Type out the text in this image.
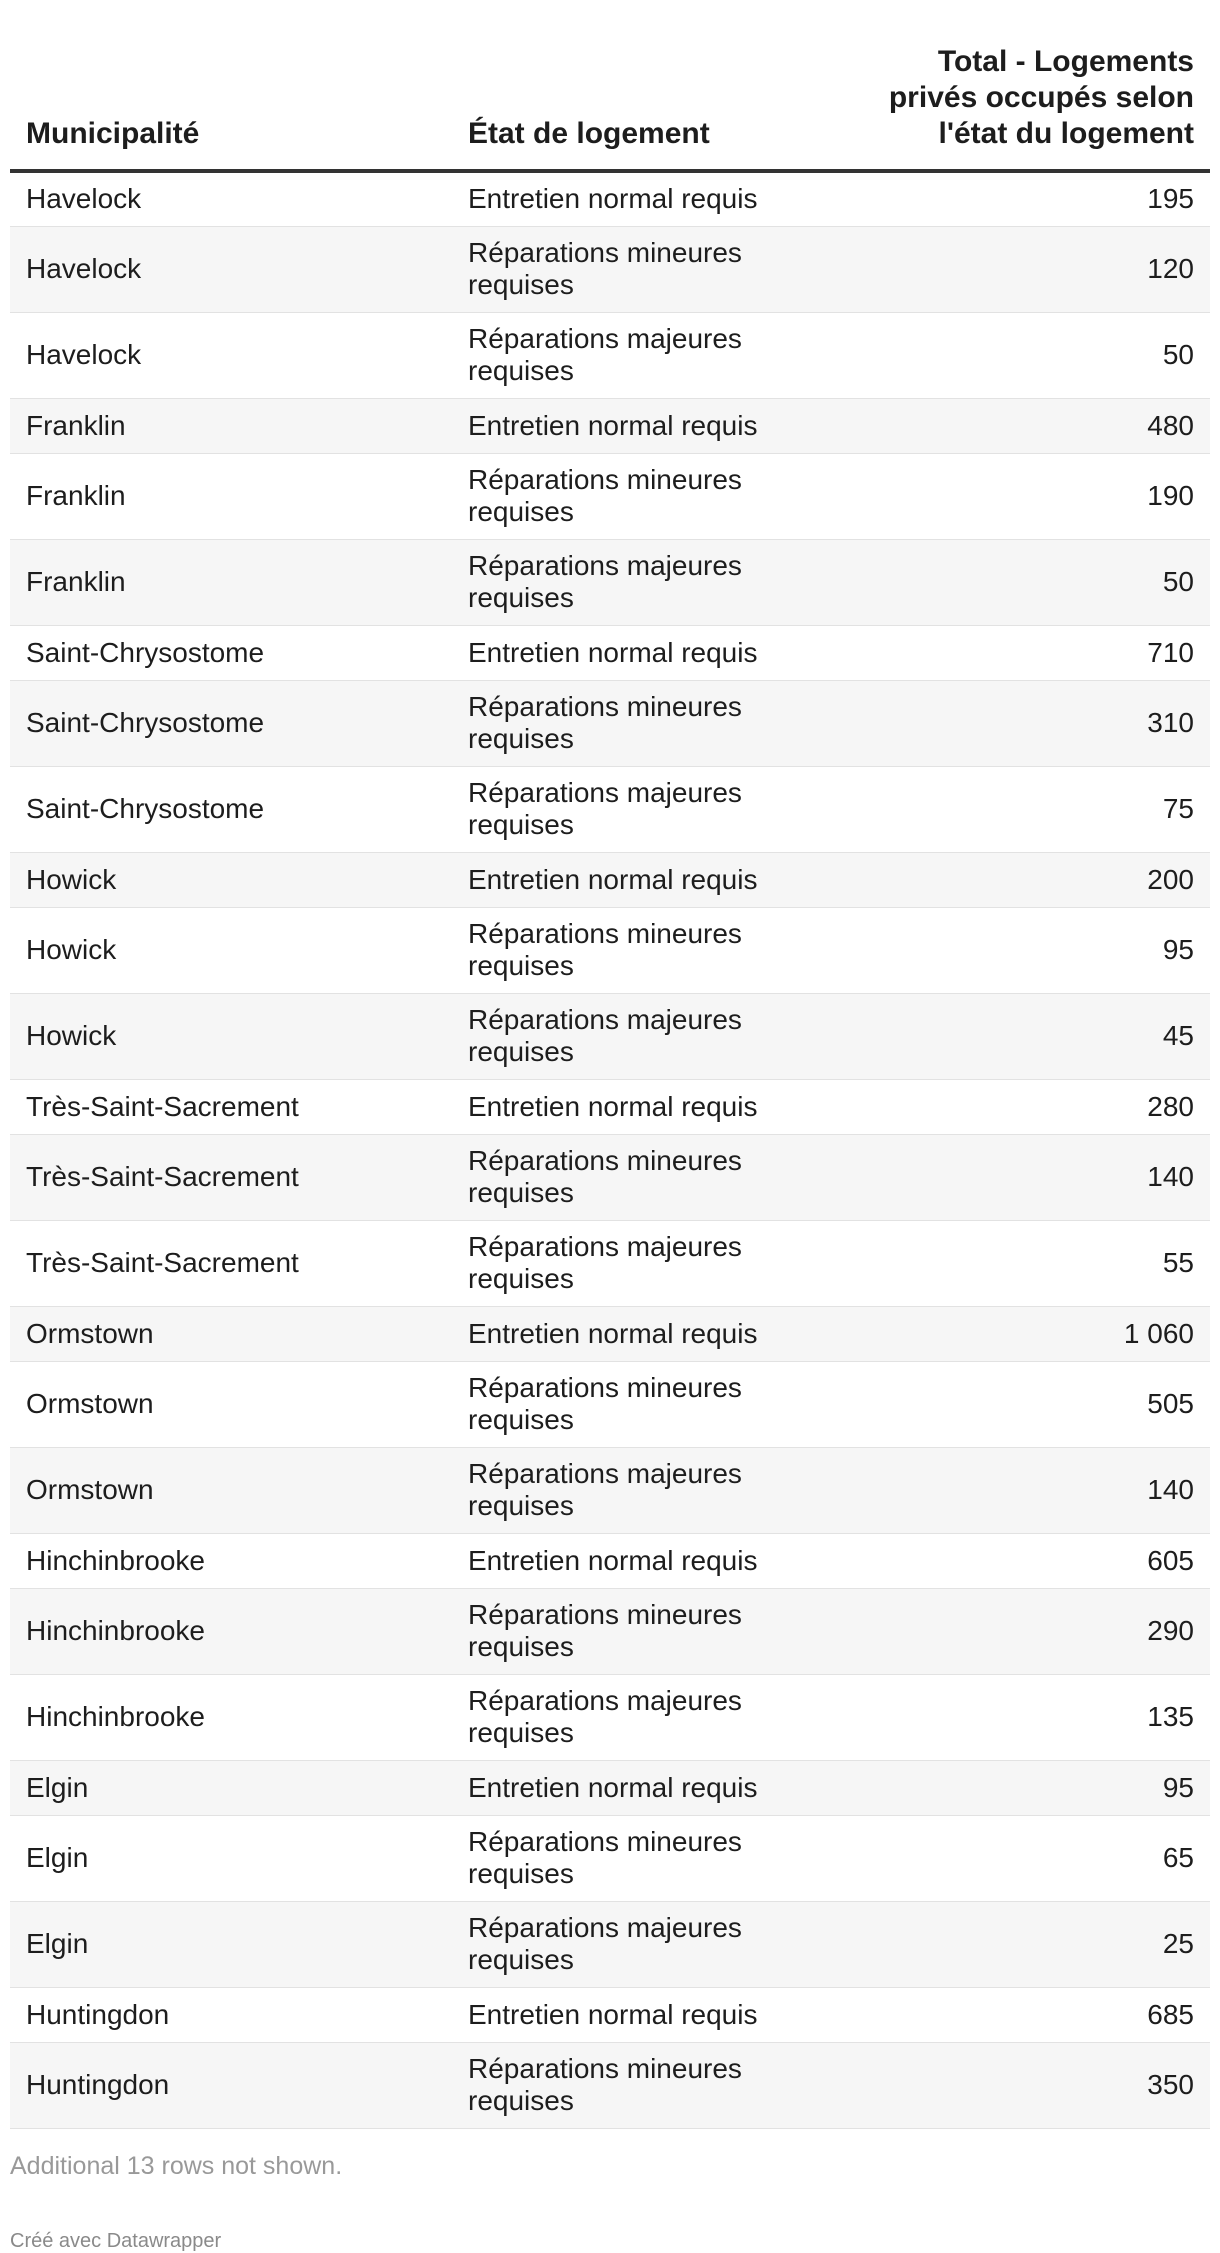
Municipalité	État de logement	Total - Logements
privés occupés selon
l'état du logement
Havelock	Entretien normal requis	195
Havelock	Réparations mineures requises	120
Havelock	Réparations majeures requises	50
Franklin	Entretien normal requis	480
Franklin	Réparations mineures requises	190
Franklin	Réparations majeures requises	50
Saint-Chrysostome	Entretien normal requis	710
Saint-Chrysostome	Réparations mineures requises	310
Saint-Chrysostome	Réparations majeures requises	75
Howick	Entretien normal requis	200
Howick	Réparations mineures requises	95
Howick	Réparations majeures requises	45
Très-Saint-Sacrement	Entretien normal requis	280
Très-Saint-Sacrement	Réparations mineures requises	140
Très-Saint-Sacrement	Réparations majeures requises	55
Ormstown	Entretien normal requis	1 060
Ormstown	Réparations mineures requises	505
Ormstown	Réparations majeures requises	140
Hinchinbrooke	Entretien normal requis	605
Hinchinbrooke	Réparations mineures requises	290
Hinchinbrooke	Réparations majeures requises	135
Elgin	Entretien normal requis	95
Elgin	Réparations mineures requises	65
Elgin	Réparations majeures requises	25
Huntingdon	Entretien normal requis	685
Huntingdon	Réparations mineures requises	350
Additional 13 rows not shown.
Créé avec Datawrapper
